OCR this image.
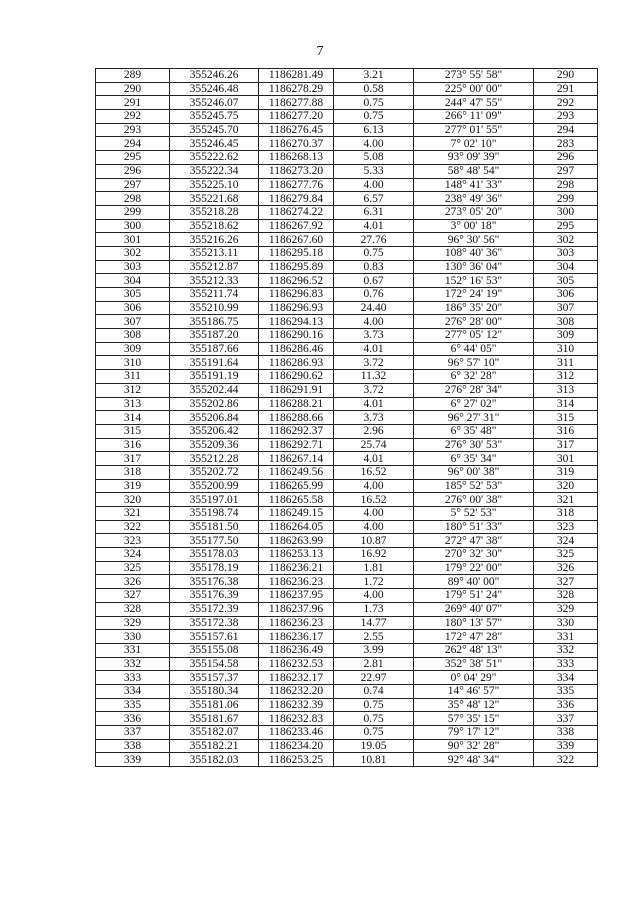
7
289	355246.26	1186281.49	3.21	273° 55' 58"	290
290	355246.48	1186278.29	0.58	225° 00' 00"	291
291	355246.07	1186277.88	0.75	244° 47' 55"	292
292	355245.75	1186277.20	0.75	266° 11' 09"	293
293	355245.70	1186276.45	6.13	277° 01' 55"	294
294	355246.45	1186270.37	4.00	7° 02' 10"	283
295	355222.62	1186268.13	5.08	93° 09' 39"	296
296	355222.34	1186273.20	5.33	58° 48' 54"	297
297	355225.10	1186277.76	4.00	148° 41' 33"	298
298	355221.68	1186279.84	6.57	238° 49' 36"	299
299	355218.28	1186274.22	6.31	273° 05' 20"	300
300	355218.62	1186267.92	4.01	3° 00' 18"	295
301	355216.26	1186267.60	27.76	96° 30' 56"	302
302	355213.11	1186295.18	0.75	108° 40' 36"	303
303	355212.87	1186295.89	0.83	130° 36' 04"	304
304	355212.33	1186296.52	0.67	152° 16' 53"	305
305	355211.74	1186296.83	0.76	172° 24' 19"	306
306	355210.99	1186296.93	24.40	186° 35' 20"	307
307	355186.75	1186294.13	4.00	276° 28' 00"	308
308	355187.20	1186290.16	3.73	277° 05' 12"	309
309	355187.66	1186286.46	4.01	6° 44' 05"	310
310	355191.64	1186286.93	3.72	96° 57' 10"	311
311	355191.19	1186290.62	11.32	6° 32' 28"	312
312	355202.44	1186291.91	3.72	276° 28' 34"	313
313	355202.86	1186288.21	4.01	6° 27' 02"	314
314	355206.84	1186288.66	3.73	96° 27' 31"	315
315	355206.42	1186292.37	2.96	6° 35' 48"	316
316	355209.36	1186292.71	25.74	276° 30' 53"	317
317	355212.28	1186267.14	4.01	6° 35' 34"	301
318	355202.72	1186249.56	16.52	96° 00' 38"	319
319	355200.99	1186265.99	4.00	185° 52' 53"	320
320	355197.01	1186265.58	16.52	276° 00' 38"	321
321	355198.74	1186249.15	4.00	5° 52' 53"	318
322	355181.50	1186264.05	4.00	180° 51' 33"	323
323	355177.50	1186263.99	10.87	272° 47' 38"	324
324	355178.03	1186253.13	16.92	270° 32' 30"	325
325	355178.19	1186236.21	1.81	179° 22' 00"	326
326	355176.38	1186236.23	1.72	89° 40' 00"	327
327	355176.39	1186237.95	4.00	179° 51' 24"	328
328	355172.39	1186237.96	1.73	269° 40' 07"	329
329	355172.38	1186236.23	14.77	180° 13' 57"	330
330	355157.61	1186236.17	2.55	172° 47' 28"	331
331	355155.08	1186236.49	3.99	262° 48' 13"	332
332	355154.58	1186232.53	2.81	352° 38' 51"	333
333	355157.37	1186232.17	22.97	0° 04' 29"	334
334	355180.34	1186232.20	0.74	14° 46' 57"	335
335	355181.06	1186232.39	0.75	35° 48' 12"	336
336	355181.67	1186232.83	0.75	57° 35' 15"	337
337	355182.07	1186233.46	0.75	79° 17' 12"	338
338	355182.21	1186234.20	19.05	90° 32' 28"	339
339	355182.03	1186253.25	10.81	92° 48' 34"	322
